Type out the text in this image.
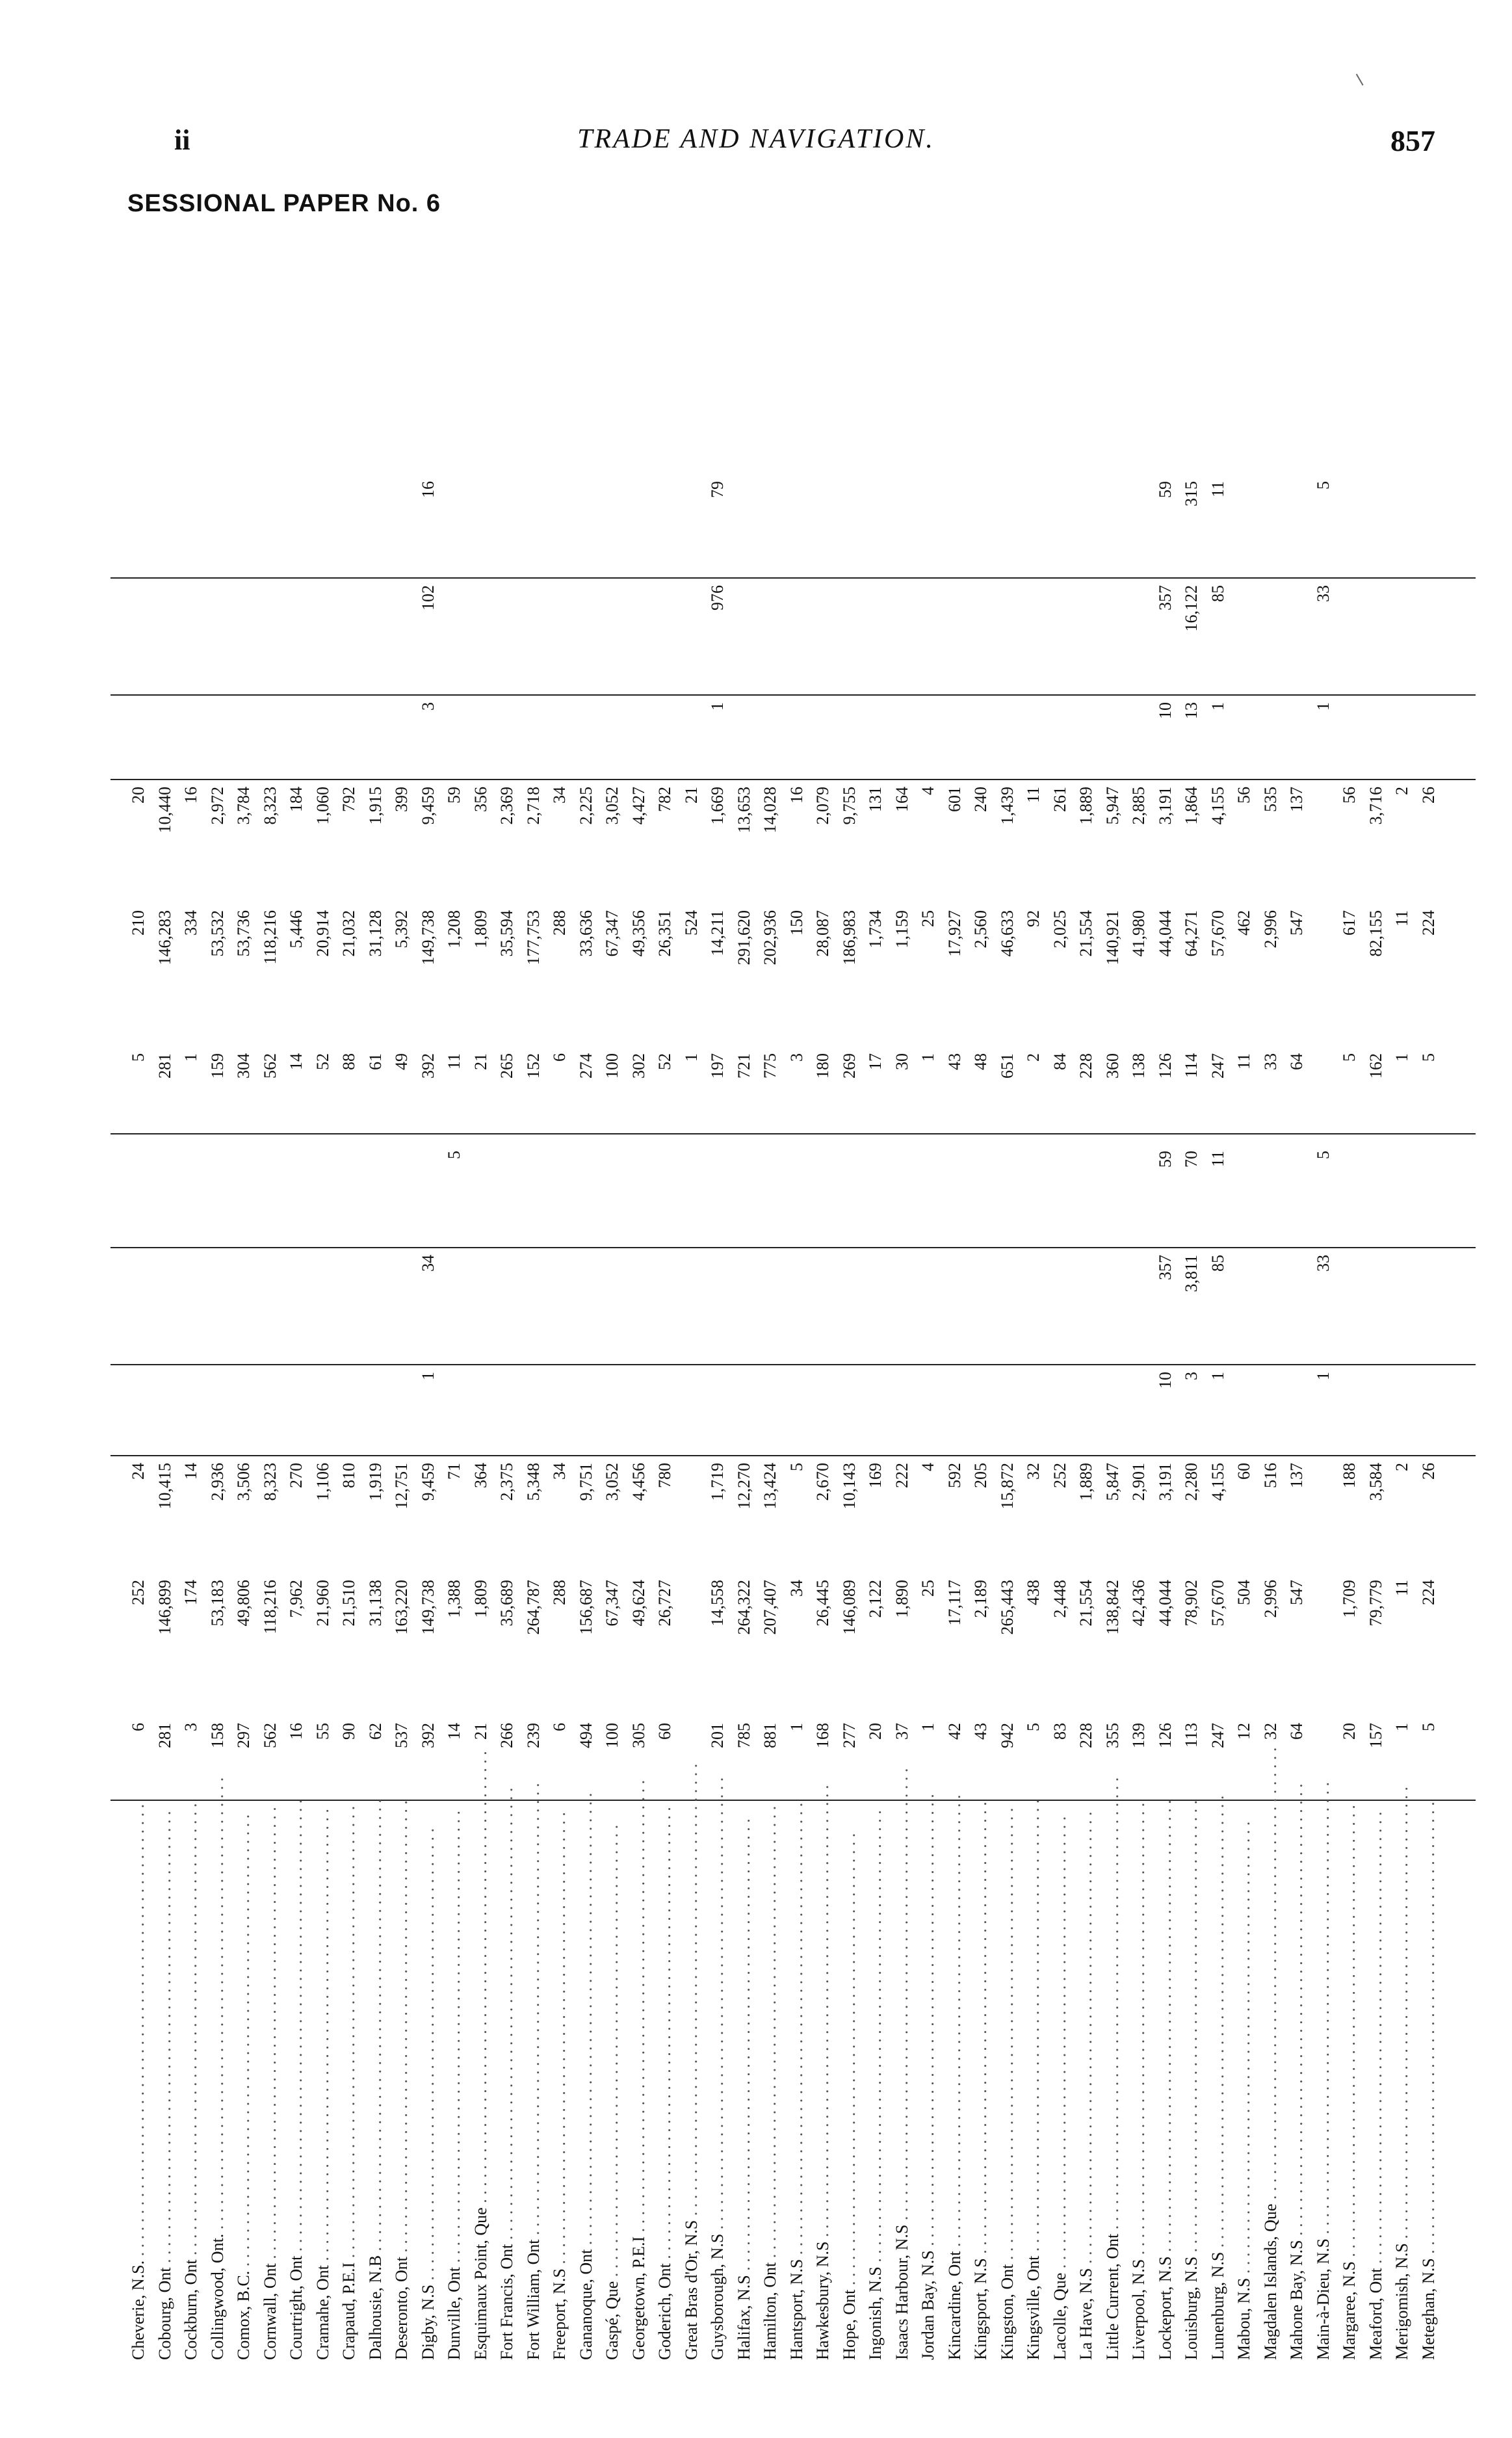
ii	TRADE AND NAVIGATION.	857
SESSIONAL PAPER No. 6
Cheverie, N.S. . . .
6
252
24
5
210
20
Cobourg, Ont . . .
281
146,899
10,415
281
146,283
10,440
Cockburn, Ont . . .
3
174
14
1
334
16
Collingwood, Ont. . . .
158
53,183
2,936
159
53,532
2,972
Comox, B.C. . . .
297
49,806
3,506
304
53,736
3,784
Cornwall, Ont . . .
562
118,216
8,323
562
118,216
8,323
Courtright, Ont . . .
16
7,962
270
14
5,446
184
Cramahe, Ont . . .
55
21,960
1,106
52
20,914
1,060
Crapaud, P.E.I . . .
90
21,510
810
88
21,032
792
Dalhousie, N.B . . .
62
31,138
1,919
61
31,128
1,915
Deseronto, Ont . . .
537
163,220
12,751
49
5,392
399
Digby, N.S . . .
392
149,738
9,459
1
34
392
149,738
9,459
3
102
16
Dunville, Ont . . .
14
1,388
71
5
11
1,208
59
Esquimaux Point, Que . . .
21
1,809
364
21
1,809
356
Fort Francis, Ont . . .
266
35,689
2,375
265
35,594
2,369
Fort William, Ont . . .
239
264,787
5,348
152
177,753
2,718
Freeport, N.S . . .
6
288
34
6
288
34
Gananoque, Ont . . .
494
156,687
9,751
274
33,636
2,225
Gaspé, Que . . .
100
67,347
3,052
100
67,347
3,052
Georgetown, P.E.I . . .
305
49,624
4,456
302
49,356
4,427
Goderich, Ont . . .
60
26,727
780
52
26,351
782
Great Bras d'Or, N.S . . .
1
524
21
Guysborough, N.S . . .
201
14,558
1,719
197
14,211
1,669
1
976
79
Halifax, N.S . . .
785
264,322
12,270
721
291,620
13,653
Hamilton, Ont . . .
881
207,407
13,424
775
202,936
14,028
Hantsport, N.S . . .
1
34
5
3
150
16
Hawkesbury, N.S . . .
168
26,445
2,670
180
28,087
2,079
Hope, Ont . . .
277
146,089
10,143
269
186,983
9,755
Ingonish, N.S . . .
20
2,122
169
17
1,734
131
Isaacs Harbour, N.S . . .
37
1,890
222
30
1,159
164
Jordan Bay, N.S . . .
1
25
4
1
25
4
Kincardine, Ont . . .
42
17,117
592
43
17,927
601
Kingsport, N.S . . .
43
2,189
205
48
2,560
240
Kingston, Ont . . .
942
265,443
15,872
651
46,633
1,439
Kingsville, Ont . . .
5
438
32
2
92
11
Lacolle, Que . . .
83
2,448
252
84
2,025
261
La Have, N.S . . .
228
21,554
1,889
228
21,554
1,889
Little Current, Ont . . .
355
138,842
5,847
360
140,921
5,947
Liverpool, N.S . . .
139
42,436
2,901
138
41,980
2,885
Lockeport, N.S . . .
126
44,044
3,191
10
357
59
126
44,044
3,191
10
357
59
Louisburg, N.S . . .
113
78,902
2,280
3
3,811
70
114
64,271
1,864
13
16,122
315
Lunenburg, N.S . . .
247
57,670
4,155
1
85
11
247
57,670
4,155
1
85
11
Mabou, N.S . . .
12
504
60
11
462
56
Magdalen Islands, Que . . .
32
2,996
516
33
2,996
535
Mahone Bay, N.S . . .
64
547
137
64
547
137
Main-à-Dieu, N.S . . .
1
33
5
1
33
5
Margaree, N.S . . .
20
1,709
188
5
617
56
Meaford, Ont . . .
157
79,779
3,584
162
82,155
3,716
Merigomish, N.S . . .
1
11
2
1
11
2
Meteghan, N.S . . .
5
224
26
5
224
26
